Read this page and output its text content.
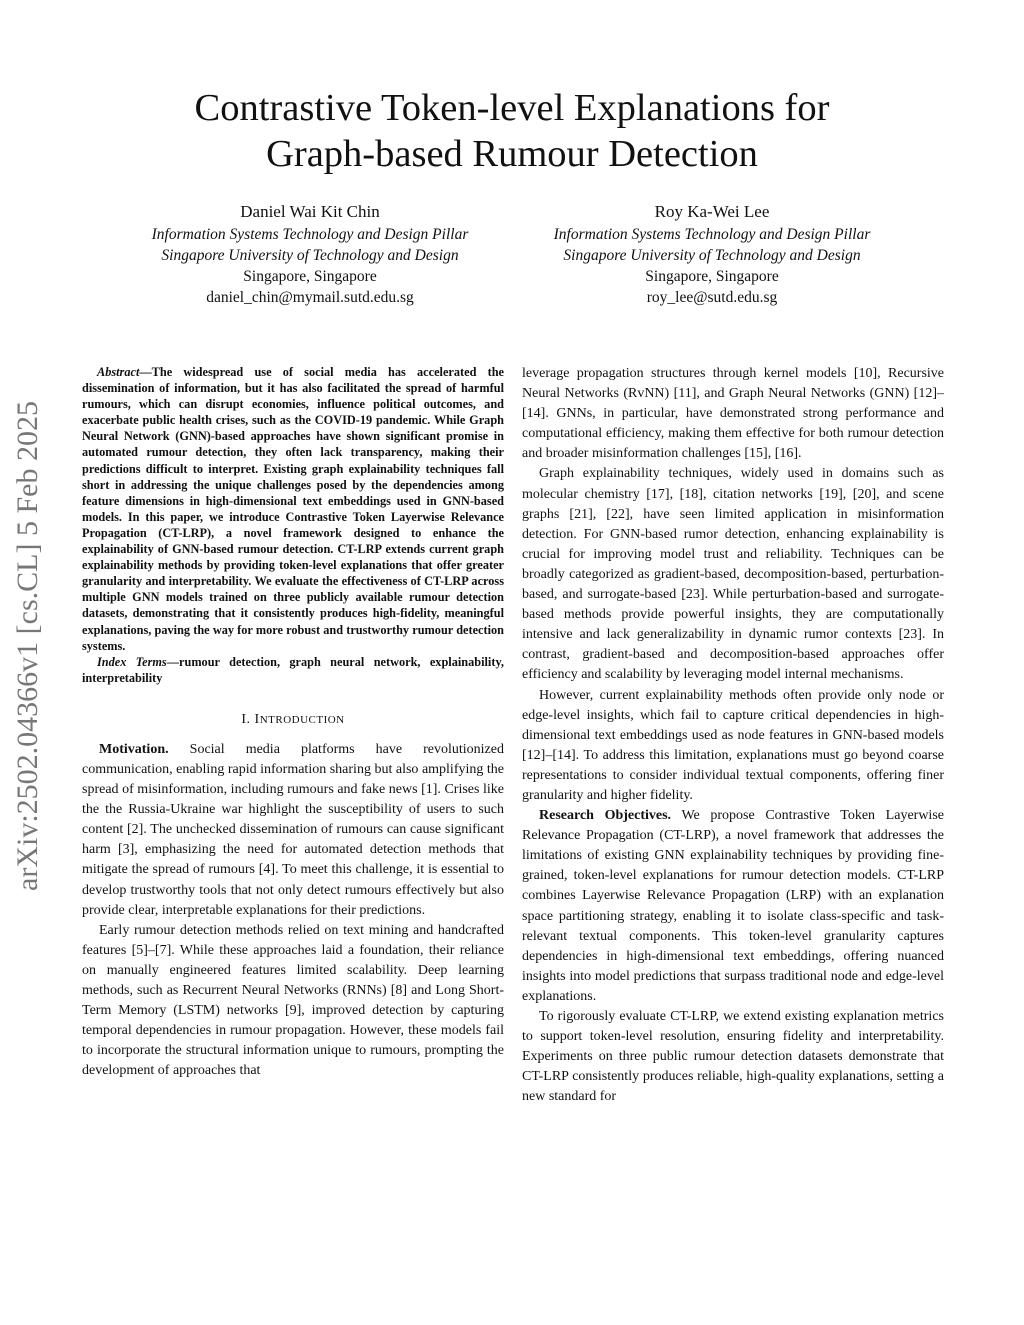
arXiv:2502.04366v1 [cs.CL] 5 Feb 2025
Contrastive Token-level Explanations for
Graph-based Rumour Detection
Daniel Wai Kit Chin
Information Systems Technology and Design Pillar
Singapore University of Technology and Design
Singapore, Singapore
daniel_chin@mymail.sutd.edu.sg
Roy Ka-Wei Lee
Information Systems Technology and Design Pillar
Singapore University of Technology and Design
Singapore, Singapore
roy_lee@sutd.edu.sg

Abstract—The widespread use of social media has accelerated the dissemination of information, but it has also facilitated the spread of harmful rumours, which can disrupt economies, influence political outcomes, and exacerbate public health crises, such as the COVID-19 pandemic. While Graph Neural Network (GNN)-based approaches have shown significant promise in automated rumour detection, they often lack transparency, making their predictions difficult to interpret. Existing graph explainability techniques fall short in addressing the unique challenges posed by the dependencies among feature dimensions in high-dimensional text embeddings used in GNN-based models. In this paper, we introduce Contrastive Token Layerwise Relevance Propagation (CT-LRP), a novel framework designed to enhance the explainability of GNN-based rumour detection. CT-LRP extends current graph explainability methods by providing token-level explanations that offer greater granularity and interpretability. We evaluate the effectiveness of CT-LRP across multiple GNN models trained on three publicly available rumour detection datasets, demonstrating that it consistently produces high-fidelity, meaningful explanations, paving the way for more robust and trustworthy rumour detection systems.

Index Terms—rumour detection, graph neural network, explainability, interpretability

I. INTRODUCTION

Motivation. Social media platforms have revolutionized communication, enabling rapid information sharing but also amplifying the spread of misinformation, including rumours and fake news [1]. Crises like the the Russia-Ukraine war highlight the susceptibility of users to such content [2]. The unchecked dissemination of rumours can cause significant harm [3], emphasizing the need for automated detection methods that mitigate the spread of rumours [4]. To meet this challenge, it is essential to develop trustworthy tools that not only detect rumours effectively but also provide clear, interpretable explanations for their predictions.

Early rumour detection methods relied on text mining and handcrafted features [5]–[7]. While these approaches laid a foundation, their reliance on manually engineered features limited scalability. Deep learning methods, such as Recurrent Neural Networks (RNNs) [8] and Long Short-Term Memory (LSTM) networks [9], improved detection by capturing temporal dependencies in rumour propagation. However, these models fail to incorporate the structural information unique to rumours, prompting the development of approaches that

leverage propagation structures through kernel models [10], Recursive Neural Networks (RvNN) [11], and Graph Neural Networks (GNN) [12]–[14]. GNNs, in particular, have demonstrated strong performance and computational efficiency, making them effective for both rumour detection and broader misinformation challenges [15], [16].

Graph explainability techniques, widely used in domains such as molecular chemistry [17], [18], citation networks [19], [20], and scene graphs [21], [22], have seen limited application in misinformation detection. For GNN-based rumor detection, enhancing explainability is crucial for improving model trust and reliability. Techniques can be broadly categorized as gradient-based, decomposition-based, perturbation-based, and surrogate-based [23]. While perturbation-based and surrogate-based methods provide powerful insights, they are computationally intensive and lack generalizability in dynamic rumor contexts [23]. In contrast, gradient-based and decomposition-based approaches offer efficiency and scalability by leveraging model internal mechanisms.

However, current explainability methods often provide only node or edge-level insights, which fail to capture critical dependencies in high-dimensional text embeddings used as node features in GNN-based models [12]–[14]. To address this limitation, explanations must go beyond coarse representations to consider individual textual components, offering finer granularity and higher fidelity.

Research Objectives. We propose Contrastive Token Layerwise Relevance Propagation (CT-LRP), a novel framework that addresses the limitations of existing GNN explainability techniques by providing fine-grained, token-level explanations for rumour detection models. CT-LRP combines Layerwise Relevance Propagation (LRP) with an explanation space partitioning strategy, enabling it to isolate class-specific and task-relevant textual components. This token-level granularity captures dependencies in high-dimensional text embeddings, offering nuanced insights into model predictions that surpass traditional node and edge-level explanations.

To rigorously evaluate CT-LRP, we extend existing explanation metrics to support token-level resolution, ensuring fidelity and interpretability. Experiments on three public rumour detection datasets demonstrate that CT-LRP consistently produces reliable, high-quality explanations, setting a new standard for
